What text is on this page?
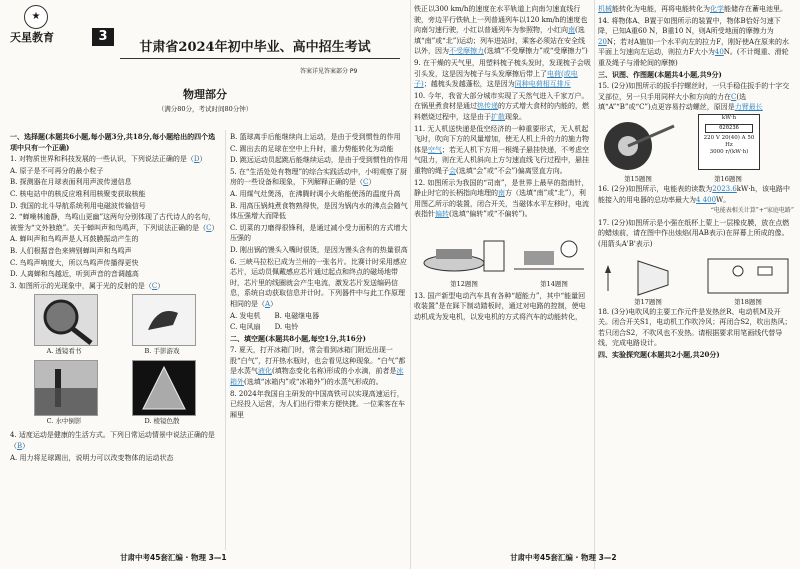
★
天星教育	3
甘肃省2024年初中毕业、高中招生考试
答案详见答案部分 P9
物理部分
（满分80分，考试时间80分钟）

一、选择题(本题共6小题,每小题3分,共18分,每小题给出的四个选项中只有一个正确)

1. 对物质世界和科技发展的一些认识，下列说法正确的是（D）

A. 原子是不可再分的最小粒子

B. 探测器在月球表面利用声波传递信息

C. 核电站中的核反应堆利用核聚变获取核能

D. 我国的北斗导航系统利用电磁波传输信号

2. “蝉噪林逾静，鸟鸣山更幽”这两句分别体现了古代诗人的名句，被誉为“文外独绝”。关于蝉叫声和鸟鸣声，下列说法正确的是（C）

A. 蝉叫声和鸟鸣声是人耳鼓膜振动产生的

B. 人们根据音色来辨别蝉叫声和鸟鸣声

C. 鸟鸣声响度大，所以鸟鸣声传播得更快

D. 人离蝉和鸟越近，听到声音的音调越高

3. 如图所示的光现象中，属于光的反射的是（C）

A. 透镜看书	B. 手影游戏
C. 水中倒影	D. 棱镜色散

4. 适度运动是健康的生活方式。下列日常运动情景中说法正确的是（B）

A. 用力将足球踢出，说明力可以改变物体的运动状态

B. 篮球离手后能继续向上运动，是由于受到惯性的作用

C. 踢出去的足球在空中上升时，重力势能转化为动能

D. 跳远运动员起跳后能继续运动，是由于受到惯性的作用

5. 在“生活处处有物理”的综合实践活动中，小明观察了厨房的一些设备和现象，下列解释正确的是（C）

A. 用煤气灶煲汤，在沸腾时调小火焰能使汤的温度升高

B. 用高压锅炖煮食物熟得快，是因为锅内水的沸点会随气体压强增大而降低

C. 切菜的刀磨得很锋利，是通过减小受力面积的方式增大压强的

D. 刚出锅的馒头入嘴时很烫，是因为馒头含有的热量很高

6. 三峡马拉松已成为兰州的一张名片。比赛计时采用感应芯片，运动员佩戴感应芯片通过起点和终点的磁场地带时，芯片里的线圈就会产生电流，激发芯片发送编码信息，系统自动获取信息并计时。下列器件中与此工作原理相同的是（A）

A. 发电机　　 B. 电磁继电器

C. 电风扇　　 D. 电铃

二、填空题(本题共8小题,每空1分,共16分)

7. 夏天，打开冰箱门时，常会看到冰箱门附近出现一股“白气”，打开热水瓶时，也会看见这种现象。“白气”都是水蒸气液化(填物态变化名称)形成的小水滴，前者是冰箱外(选填“冰箱内”或“冰箱外”)的水蒸气形成的。

8. 2024年我国自主研发的中国高铁可以实现高速运行，已经投入运营，为人们出行带来方便快捷。一位乘客在车厢里

铁正以300 km/h的速度在水平轨道上向南匀速直线行驶，旁边平行铁轨上一列普通列车以120 km/h的速度也向南匀速行驶，小红以普通列车为参照物，小红向南(选填“南”或“北”)运动；列车进站时，乘客必须站在安全线以外，因为不受摩擦力(选填“不受摩擦力”或“受摩擦力”)

9. 在干燥的天气里，用塑料梳子梳头发时，发现梳子会吸引头发，这是因为梳子与头发摩擦后带上了电荷(或电子)；越梳头发越蓬松，这是因为同种电荷相互排斥

10. 今年，我省大部分城市实现了天然气进入千家万户。在锅里煮食材是通过热传递的方式增大食材的内能的，燃料燃烧过程中，这是由于扩散现象。

11. 无人机送快递是低空经济的一种重要形式，无人机起飞时，吹向下方的风量增加，使无人机上升的力的施力物体是空气；若无人机下方用一根绳子悬挂快递，不考虑空气阻力，则在无人机斜向上方匀速直线飞行过程中，悬挂重物的绳子会(选填“会”或“不会”)偏离竖直方向。

12. 如图所示为我国的“司南”，是世界上最早的指南针，静止时它的长柄指向地理的南方（选填“南”或“北”），利用图乙所示的装置，闭合开关，当磁体水平左移时，电流表指针偏转(选填“偏转”或“不偏转”)。

第12题图	第14题图

13. 国产新型电动汽车具有各种“超能力”，其中“能量回收装置”是在踩下制动踏板时，通过对电路的控制，使电动机成为发电机，以发电机的方式将汽车的动能转化，

机械能转化为电能，再将电能转化为化学能储存在蓄电池里。

14. 将物体A、B置于如图所示的装置中，物体B恰好匀速下降，已知A重60 N，B重10 N，则A所受地面的摩擦力为20N；若对A施加一个水平向左的拉力F，刚好使A在原来的水平面上匀速向左运动，则拉力F大小为40N。(不计绳重、滑轮重及绳子与滑轮间的摩擦)

三、识图、作图题(本题共4小题,共9分)

15. (2分)如图所示的扳手拧螺丝时，一只手稳住扳手的十字交叉部位，另一只手用同样大小和方向的力在C(选填“A”“B”或“C”)点更容易拧动螺丝，原因是力臂最长

kW·h
020236
220 V 20(40) A 50 Hz
3000 r/(kW·h)
第15题图	第16题图

16. (2分)如图所示，电能表的读数为2023.6kW·h，该电路中能接入的用电器的总功率最大为4 400W。

“电能表相关计算”+“家庭电路”

17. (2分)如图所示是小强在纸杯上蒙上一层橡皮膜，放在点燃的蜡烛前，请在图中作出烛焰(用AB表示)在屏幕上所成的像。(用箭头A'B'表示)

第17题图	第18题图

18. (3分)电吹风的主要工作元件是发热丝R、电动机M及开关。闭合开关S1，电动机工作吹冷风；再闭合S2，吹出热风；若只闭合S2，不吹风也不发热。请根据要求用笔画线代替导线，完成电路设计。

四、实验探究题(本题共2小题,共20分)

甘肃中考45套汇编 · 物理 3—1	甘肃中考45套汇编 · 物理 3—2
